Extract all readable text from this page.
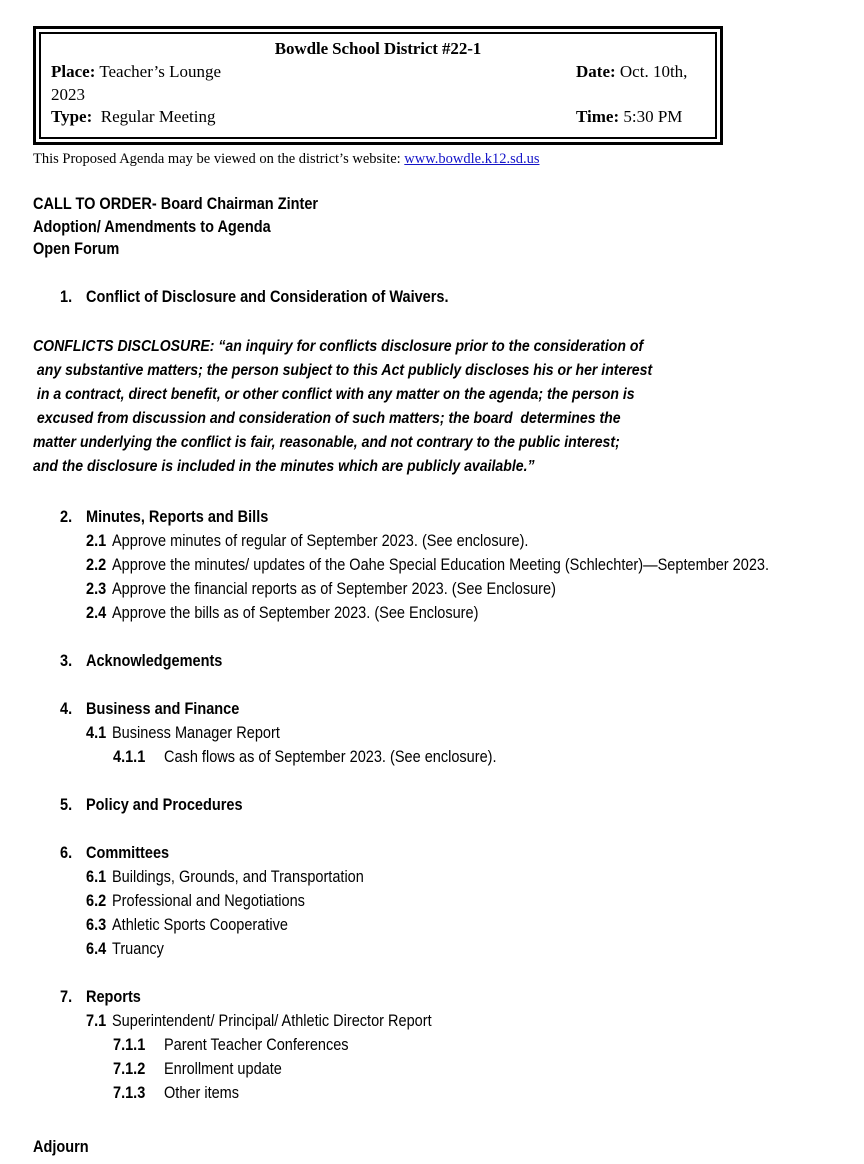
Bowdle School District #22-1
Place: Teacher’s Lounge	Date: Oct. 10th,
2023
Type: Regular Meeting	Time: 5:30 PM
This Proposed Agenda may be viewed on the district’s website: www.bowdle.k12.sd.us
CALL TO ORDER- Board Chairman Zinter
Adoption/ Amendments to Agenda
Open Forum
1. Conflict of Disclosure and Consideration of Waivers.
CONFLICTS DISCLOSURE: “an inquiry for conflicts disclosure prior to the consideration of
any substantive matters; the person subject to this Act publicly discloses his or her interest
in a contract, direct benefit, or other conflict with any matter on the agenda; the person is
excused from discussion and consideration of such matters; the board  determines the
matter underlying the conflict is fair, reasonable, and not contrary to the public interest;
and the disclosure is included in the minutes which are publicly available.”
2. Minutes, Reports and Bills
2.1 Approve minutes of regular of September 2023. (See enclosure).
2.2 Approve the minutes/ updates of the Oahe Special Education Meeting (Schlechter)—September 2023.
2.3 Approve the financial reports as of September 2023. (See Enclosure)
2.4 Approve the bills as of September 2023. (See Enclosure)
3. Acknowledgements
4. Business and Finance
4.1 Business Manager Report
4.1.1 Cash flows as of September 2023. (See enclosure).
5. Policy and Procedures
6. Committees
6.1 Buildings, Grounds, and Transportation
6.2 Professional and Negotiations
6.3 Athletic Sports Cooperative
6.4 Truancy
7. Reports
7.1 Superintendent/ Principal/ Athletic Director Report
7.1.1 Parent Teacher Conferences
7.1.2 Enrollment update
7.1.3 Other items
Adjourn
